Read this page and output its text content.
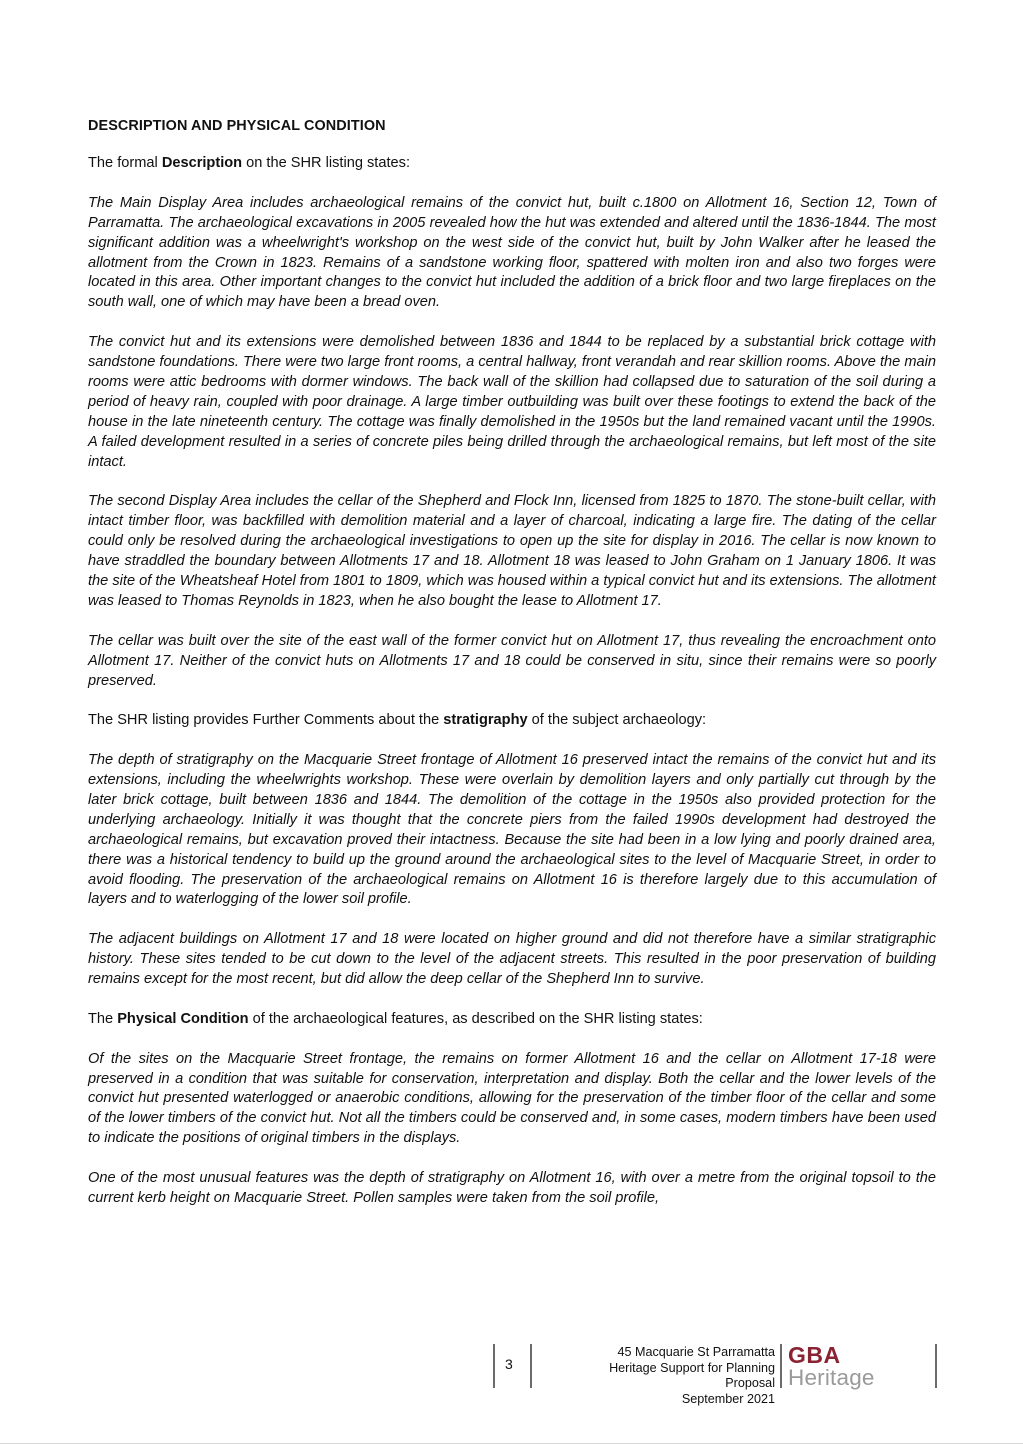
DESCRIPTION AND PHYSICAL CONDITION

The formal Description on the SHR listing states:

The Main Display Area includes archaeological remains of the convict hut, built c.1800 on Allotment 16, Section 12, Town of Parramatta. The archaeological excavations in 2005 revealed how the hut was extended and altered until the 1836-1844. The most significant addition was a wheelwright's workshop on the west side of the convict hut, built by John Walker after he leased the allotment from the Crown in 1823. Remains of a sandstone working floor, spattered with molten iron and also two forges were located in this area. Other important changes to the convict hut included the addition of a brick floor and two large fireplaces on the south wall, one of which may have been a bread oven.

The convict hut and its extensions were demolished between 1836 and 1844 to be replaced by a substantial brick cottage with sandstone foundations. There were two large front rooms, a central hallway, front verandah and rear skillion rooms. Above the main rooms were attic bedrooms with dormer windows. The back wall of the skillion had collapsed due to saturation of the soil during a period of heavy rain, coupled with poor drainage. A large timber outbuilding was built over these footings to extend the back of the house in the late nineteenth century. The cottage was finally demolished in the 1950s but the land remained vacant until the 1990s. A failed development resulted in a series of concrete piles being drilled through the archaeological remains, but left most of the site intact.

The second Display Area includes the cellar of the Shepherd and Flock Inn, licensed from 1825 to 1870. The stone-built cellar, with intact timber floor, was backfilled with demolition material and a layer of charcoal, indicating a large fire. The dating of the cellar could only be resolved during the archaeological investigations to open up the site for display in 2016. The cellar is now known to have straddled the boundary between Allotments 17 and 18. Allotment 18 was leased to John Graham on 1 January 1806. It was the site of the Wheatsheaf Hotel from 1801 to 1809, which was housed within a typical convict hut and its extensions. The allotment was leased to Thomas Reynolds in 1823, when he also bought the lease to Allotment 17.

The cellar was built over the site of the east wall of the former convict hut on Allotment 17, thus revealing the encroachment onto Allotment 17. Neither of the convict huts on Allotments 17 and 18 could be conserved in situ, since their remains were so poorly preserved.

The SHR listing provides Further Comments about the stratigraphy of the subject archaeology:

The depth of stratigraphy on the Macquarie Street frontage of Allotment 16 preserved intact the remains of the convict hut and its extensions, including the wheelwrights workshop. These were overlain by demolition layers and only partially cut through by the later brick cottage, built between 1836 and 1844. The demolition of the cottage in the 1950s also provided protection for the underlying archaeology. Initially it was thought that the concrete piers from the failed 1990s development had destroyed the archaeological remains, but excavation proved their intactness. Because the site had been in a low lying and poorly drained area, there was a historical tendency to build up the ground around the archaeological sites to the level of Macquarie Street, in order to avoid flooding. The preservation of the archaeological remains on Allotment 16 is therefore largely due to this accumulation of layers and to waterlogging of the lower soil profile.

The adjacent buildings on Allotment 17 and 18 were located on higher ground and did not therefore have a similar stratigraphic history. These sites tended to be cut down to the level of the adjacent streets. This resulted in the poor preservation of building remains except for the most recent, but did allow the deep cellar of the Shepherd Inn to survive.

The Physical Condition of the archaeological features, as described on the SHR listing states:

Of the sites on the Macquarie Street frontage, the remains on former Allotment 16 and the cellar on Allotment 17-18 were preserved in a condition that was suitable for conservation, interpretation and display. Both the cellar and the lower levels of the convict hut presented waterlogged or anaerobic conditions, allowing for the preservation of the timber floor of the cellar and some of the lower timbers of the convict hut. Not all the timbers could be conserved and, in some cases, modern timbers have been used to indicate the positions of original timbers in the displays.

One of the most unusual features was the depth of stratigraphy on Allotment 16, with over a metre from the original topsoil to the current kerb height on Macquarie Street. Pollen samples were taken from the soil profile,

3
45 Macquarie St Parramatta
Heritage Support for Planning
Proposal
September 2021
GBA
Heritage
